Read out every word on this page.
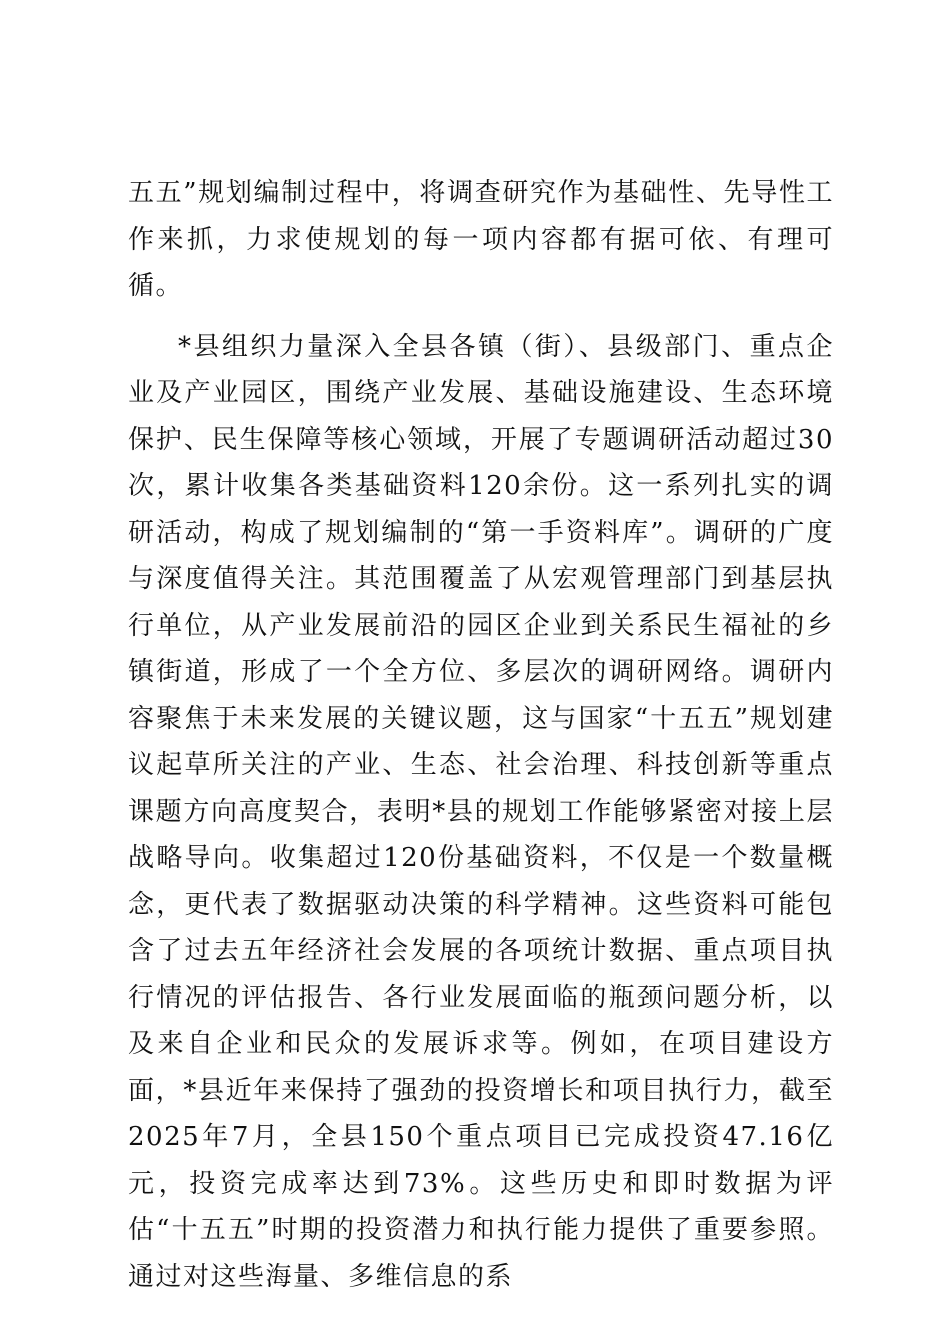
五五”规划编制过程中，将调查研究作为基础性、先导性工作来抓，力求使规划的每一项内容都有据可依、有理可循。

*县组织力量深入全县各镇（街）、县级部门、重点企业及产业园区，围绕产业发展、基础设施建设、生态环境保护、民生保障等核心领域，开展了专题调研活动超过30次，累计收集各类基础资料120余份。这一系列扎实的调研活动，构成了规划编制的“第一手资料库”。调研的广度与深度值得关注。其范围覆盖了从宏观管理部门到基层执行单位，从产业发展前沿的园区企业到关系民生福祉的乡镇街道，形成了一个全方位、多层次的调研网络。调研内容聚焦于未来发展的关键议题，这与国家“十五五”规划建议起草所关注的产业、生态、社会治理、科技创新等重点课题方向高度契合，表明*县的规划工作能够紧密对接上层战略导向。收集超过120份基础资料，不仅是一个数量概念，更代表了数据驱动决策的科学精神。这些资料可能包含了过去五年经济社会发展的各项统计数据、重点项目执行情况的评估报告、各行业发展面临的瓶颈问题分析，以及来自企业和民众的发展诉求等。例如，在项目建设方面，*县近年来保持了强劲的投资增长和项目执行力，截至2025年7月，全县150个重点项目已完成投资47.16亿元，投资完成率达到73%。这些历史和即时数据为评估“十五五”时期的投资潜力和执行能力提供了重要参照。通过对这些海量、多维信息的系
